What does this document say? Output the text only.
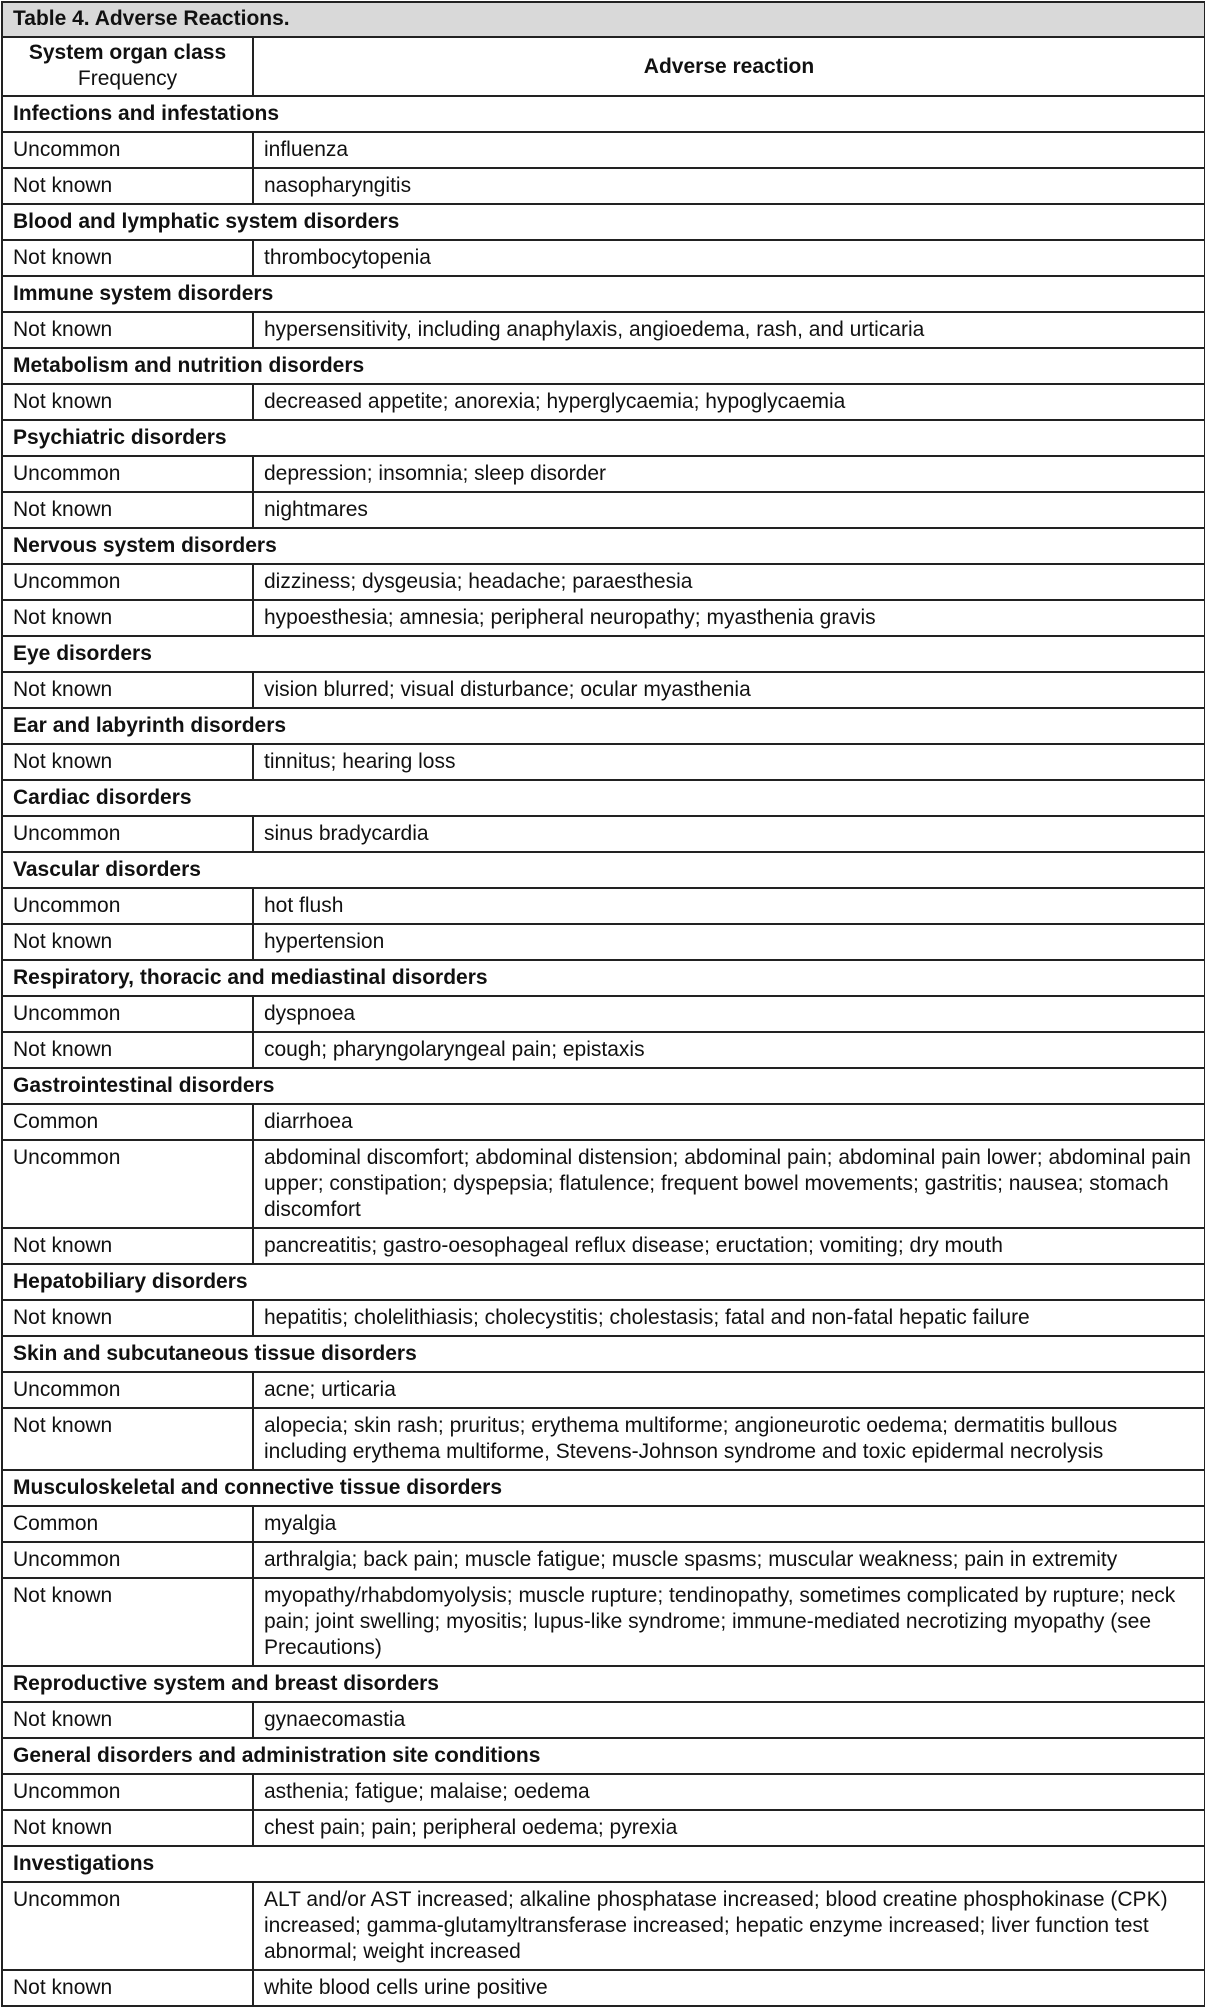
Table 4. Adverse Reactions.	
System organ class
Frequency	Adverse reaction
Infections and infestations	
Uncommon	influenza
Not known	nasopharyngitis
Blood and lymphatic system disorders	
Not known	thrombocytopenia
Immune system disorders	
Not known	hypersensitivity, including anaphylaxis, angioedema, rash, and urticaria
Metabolism and nutrition disorders	
Not known	decreased appetite; anorexia; hyperglycaemia; hypoglycaemia
Psychiatric disorders	
Uncommon	depression; insomnia; sleep disorder
Not known	nightmares
Nervous system disorders	
Uncommon	dizziness; dysgeusia; headache; paraesthesia
Not known	hypoesthesia; amnesia; peripheral neuropathy; myasthenia gravis
Eye disorders	
Not known	vision blurred; visual disturbance; ocular myasthenia
Ear and labyrinth disorders	
Not known	tinnitus; hearing loss
Cardiac disorders	
Uncommon	sinus bradycardia
Vascular disorders	
Uncommon	hot flush
Not known	hypertension
Respiratory, thoracic and mediastinal disorders	
Uncommon	dyspnoea
Not known	cough; pharyngolaryngeal pain; epistaxis
Gastrointestinal disorders	
Common	diarrhoea
Uncommon	abdominal discomfort; abdominal distension; abdominal pain; abdominal pain lower; abdominal pain upper; constipation; dyspepsia; flatulence; frequent bowel movements; gastritis; nausea; stomach discomfort
Not known	pancreatitis; gastro-oesophageal reflux disease; eructation; vomiting; dry mouth
Hepatobiliary disorders	
Not known	hepatitis; cholelithiasis; cholecystitis; cholestasis; fatal and non-fatal hepatic failure
Skin and subcutaneous tissue disorders	
Uncommon	acne; urticaria
Not known	alopecia; skin rash; pruritus; erythema multiforme; angioneurotic oedema; dermatitis bullous including erythema multiforme, Stevens-Johnson syndrome and toxic epidermal necrolysis
Musculoskeletal and connective tissue disorders	
Common	myalgia
Uncommon	arthralgia; back pain; muscle fatigue; muscle spasms; muscular weakness; pain in extremity
Not known	myopathy/rhabdomyolysis; muscle rupture; tendinopathy, sometimes complicated by rupture; neck pain; joint swelling; myositis; lupus-like syndrome; immune-mediated necrotizing myopathy (see Precautions)
Reproductive system and breast disorders	
Not known	gynaecomastia
General disorders and administration site conditions	
Uncommon	asthenia; fatigue; malaise; oedema
Not known	chest pain; pain; peripheral oedema; pyrexia
Investigations	
Uncommon	ALT and/or AST increased; alkaline phosphatase increased; blood creatine phosphokinase (CPK) increased; gamma-glutamyltransferase increased; hepatic enzyme increased; liver function test abnormal; weight increased
Not known	white blood cells urine positive
